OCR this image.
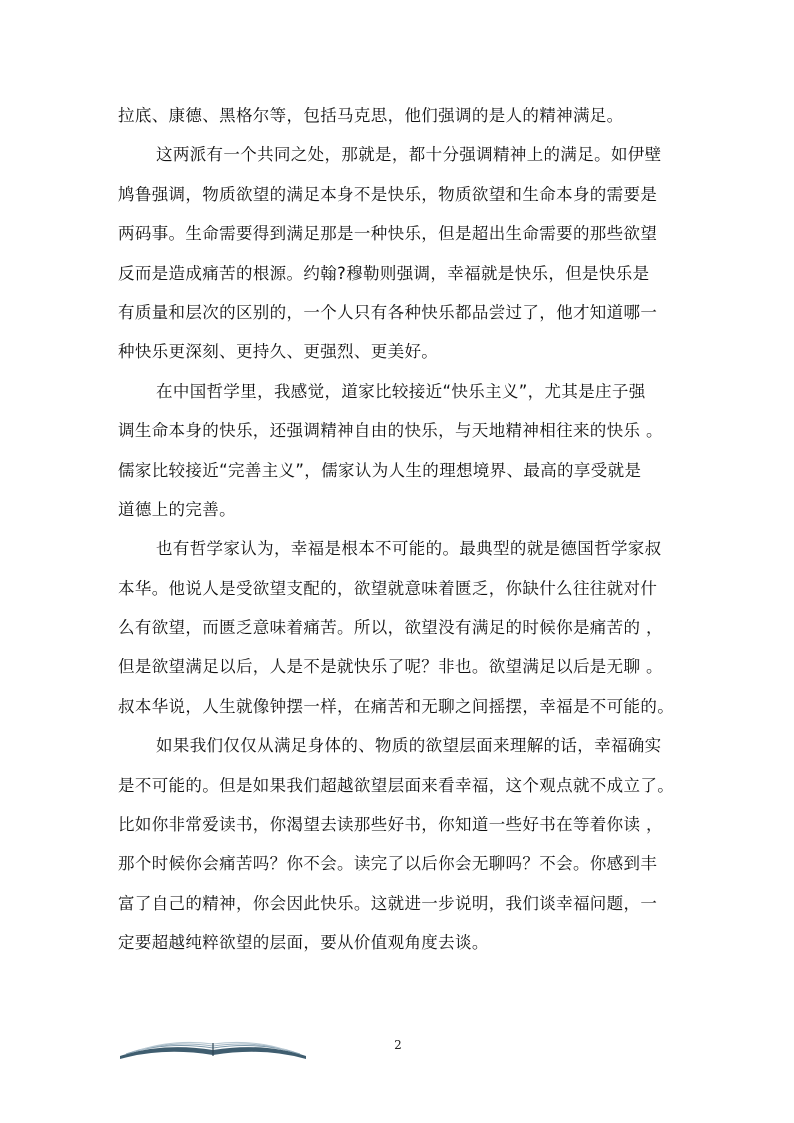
拉底、康德、黑格尔等，包括马克思，他们强调的是人的精神满足。
这两派有一个共同之处，那就是，都十分强调精神上的满足。如伊壁
鸠鲁强调，物质欲望的满足本身不是快乐，物质欲望和生命本身的需要是
两码事。生命需要得到满足那是一种快乐，但是超出生命需要的那些欲望
反而是造成痛苦的根源。约翰?穆勒则强调，幸福就是快乐，但是快乐是
有质量和层次的区别的，一个人只有各种快乐都品尝过了，他才知道哪一
种快乐更深刻、更持久、更强烈、更美好。
在中国哲学里，我感觉，道家比较接近“快乐主义”，尤其是庄子强
调生命本身的快乐，还强调精神自由的快乐，与天地精神相往来的快乐 。
儒家比较接近“完善主义”，儒家认为人生的理想境界、最高的享受就是
道德上的完善。
也有哲学家认为，幸福是根本不可能的。最典型的就是德国哲学家叔
本华。他说人是受欲望支配的，欲望就意味着匮乏，你缺什么往往就对什
么有欲望，而匮乏意味着痛苦。所以，欲望没有满足的时候你是痛苦的 ，
但是欲望满足以后，人是不是就快乐了呢？非也。欲望满足以后是无聊 。
叔本华说，人生就像钟摆一样，在痛苦和无聊之间摇摆，幸福是不可能的。
如果我们仅仅从满足身体的、物质的欲望层面来理解的话，幸福确实
是不可能的。但是如果我们超越欲望层面来看幸福，这个观点就不成立了。
比如你非常爱读书，你渴望去读那些好书，你知道一些好书在等着你读 ，
那个时候你会痛苦吗？你不会。读完了以后你会无聊吗？不会。你感到丰
富了自己的精神，你会因此快乐。这就进一步说明，我们谈幸福问题，一
定要超越纯粹欲望的层面，要从价值观角度去谈。
2
